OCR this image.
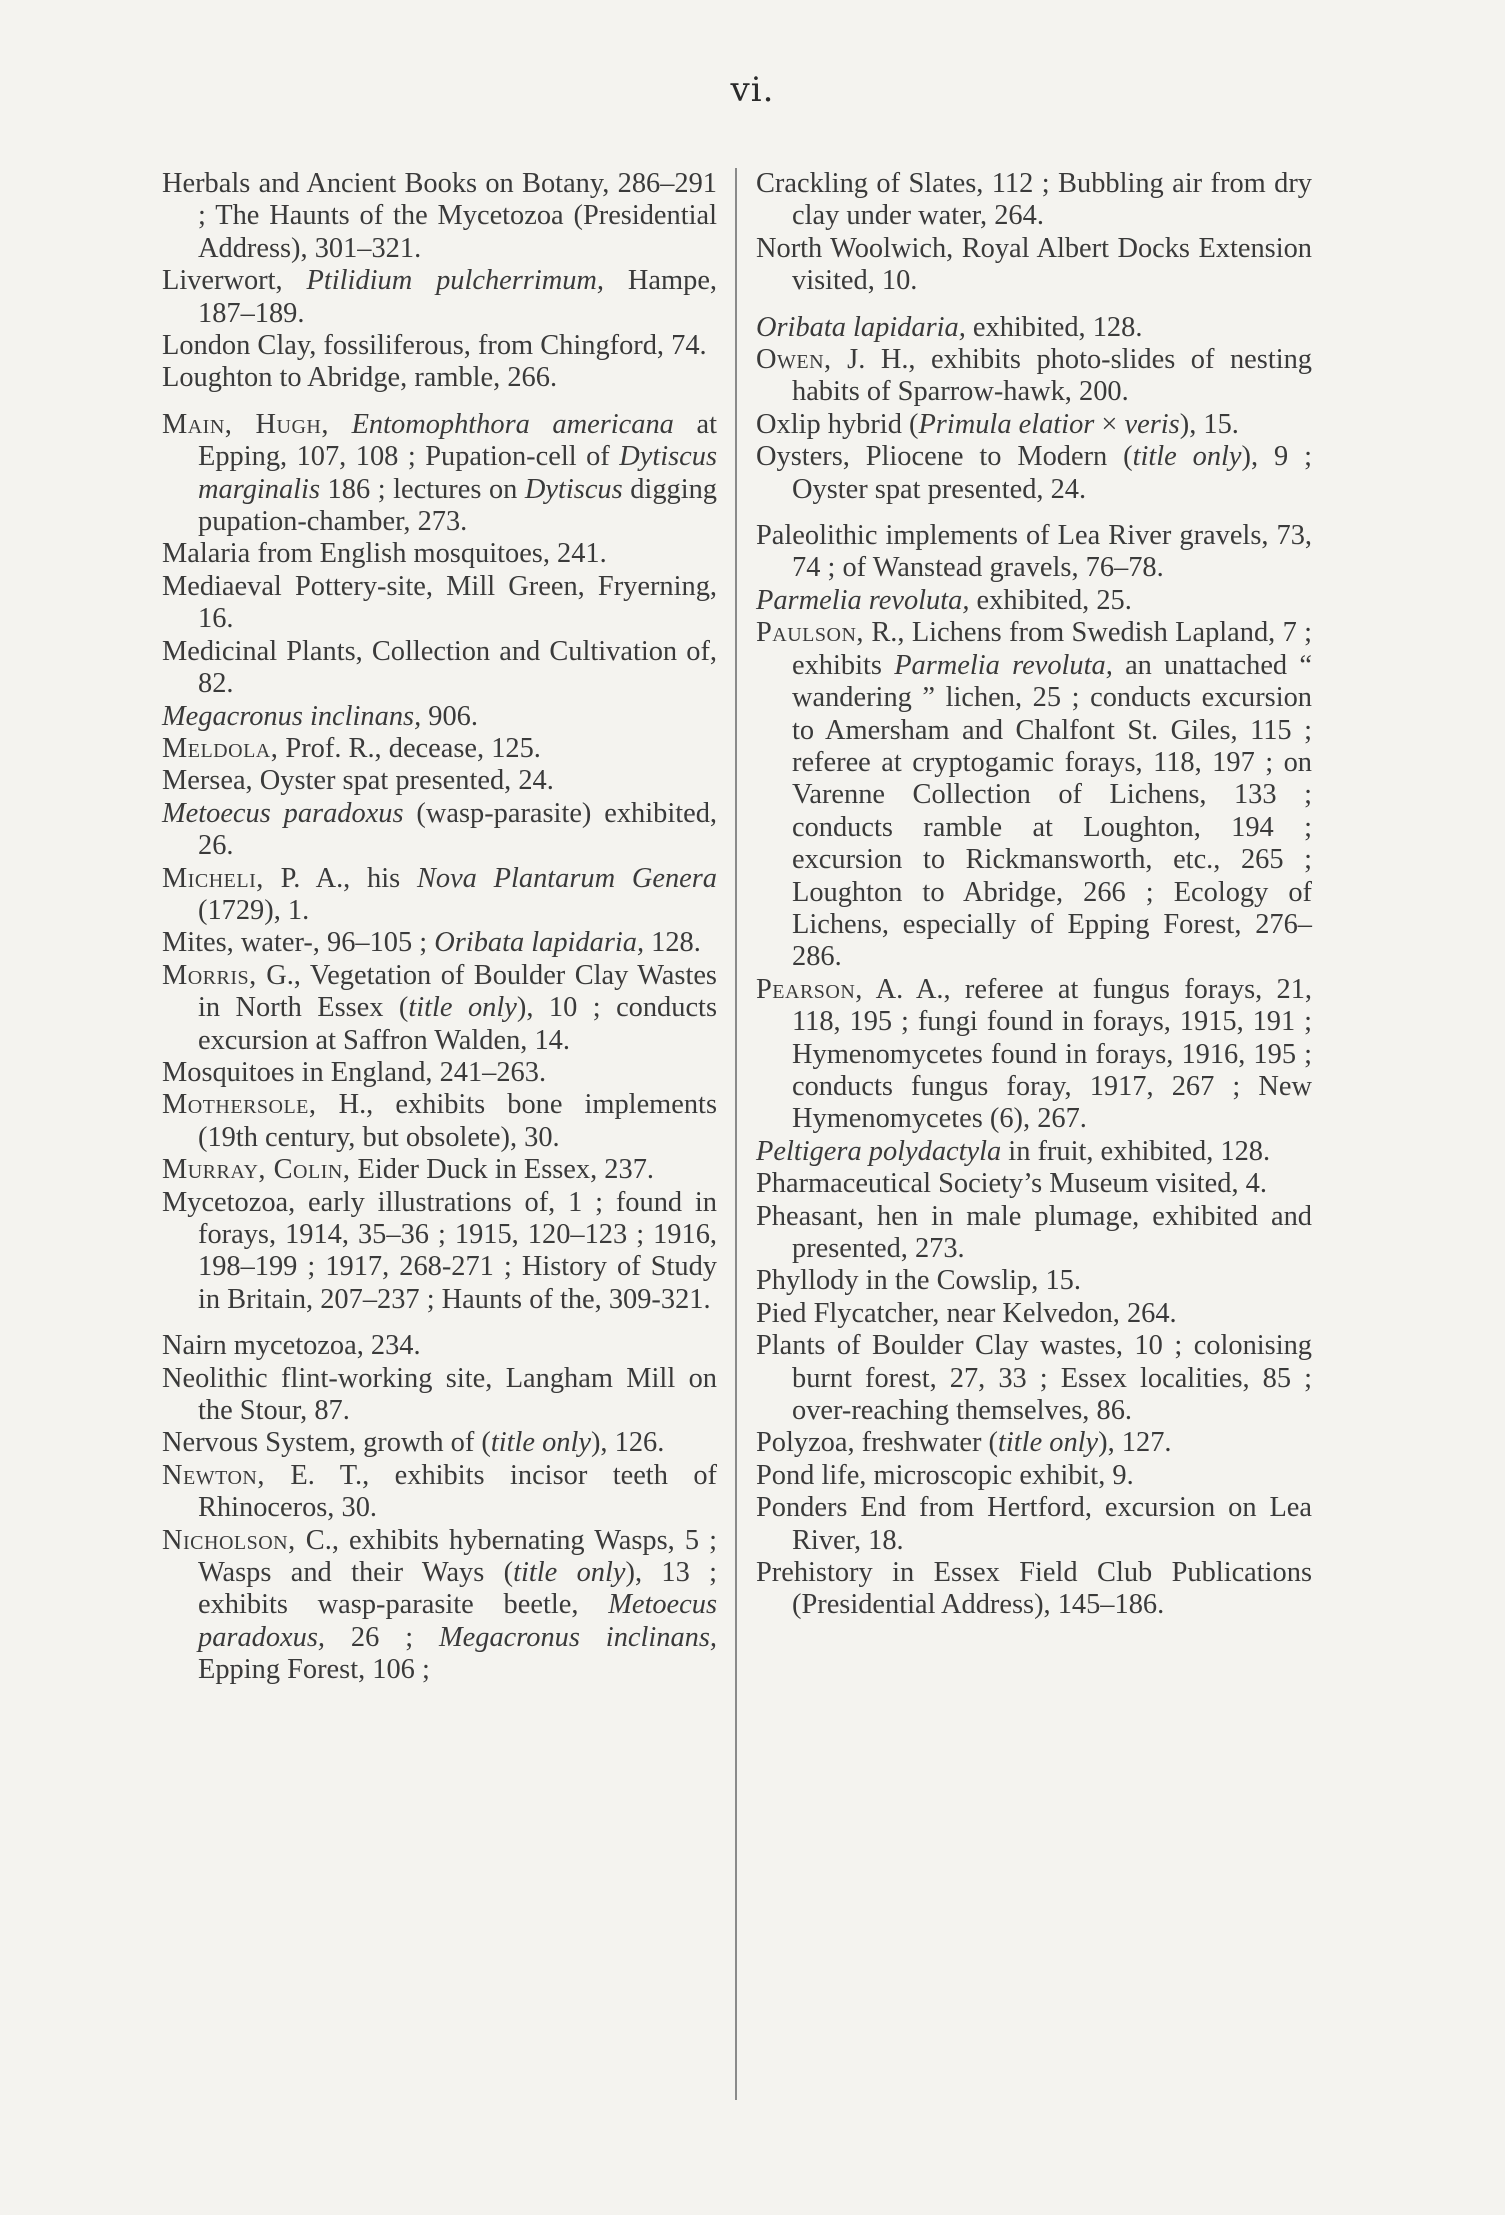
vi.

Herbals and Ancient Books on Botany, 286–291 ; The Haunts of the Mycetozoa (Presidential Address), 301–321.

Liverwort, Ptilidium pulcherrimum, Hampe, 187–189.

London Clay, fossiliferous, from Chingford, 74.

Loughton to Abridge, ramble, 266.

Main, Hugh, Entomophthora americana at Epping, 107, 108 ; Pupation-cell of Dytiscus marginalis 186 ; lectures on Dytiscus digging pupation-chamber, 273.

Malaria from English mosquitoes, 241.

Mediaeval Pottery-site, Mill Green, Fryerning, 16.

Medicinal Plants, Collection and Cultivation of, 82.

Megacronus inclinans, 906.

Meldola, Prof. R., decease, 125.

Mersea, Oyster spat presented, 24.

Metoecus paradoxus (wasp-parasite) exhibited, 26.

Micheli, P. A., his Nova Plantarum Genera (1729), 1.

Mites, water-, 96–105 ; Oribata lapidaria, 128.

Morris, G., Vegetation of Boulder Clay Wastes in North Essex (title only), 10 ; conducts excursion at Saffron Walden, 14.

Mosquitoes in England, 241–263.

Mothersole, H., exhibits bone implements (19th century, but obsolete), 30.

Murray, Colin, Eider Duck in Essex, 237.

Mycetozoa, early illustrations of, 1 ; found in forays, 1914, 35–36 ; 1915, 120–123 ; 1916, 198–199 ; 1917, 268-271 ; History of Study in Britain, 207–237 ; Haunts of the, 309-321.

Nairn mycetozoa, 234.

Neolithic flint-working site, Langham Mill on the Stour, 87.

Nervous System, growth of (title only), 126.

Newton, E. T., exhibits incisor teeth of Rhinoceros, 30.

Nicholson, C., exhibits hybernating Wasps, 5 ; Wasps and their Ways (title only), 13 ; exhibits wasp-parasite beetle, Metoecus paradoxus, 26 ; Megacronus inclinans, Epping Forest, 106 ;

Crackling of Slates, 112 ; Bubbling air from dry clay under water, 264.

North Woolwich, Royal Albert Docks Extension visited, 10.

Oribata lapidaria, exhibited, 128.

Owen, J. H., exhibits photo-slides of nesting habits of Sparrow-hawk, 200.

Oxlip hybrid (Primula elatior × veris), 15.

Oysters, Pliocene to Modern (title only), 9 ; Oyster spat presented, 24.

Paleolithic implements of Lea River gravels, 73, 74 ; of Wanstead gravels, 76–78.

Parmelia revoluta, exhibited, 25.

Paulson, R., Lichens from Swedish Lapland, 7 ; exhibits Parmelia revoluta, an unattached “ wandering ” lichen, 25 ; conducts excursion to Amersham and Chalfont St. Giles, 115 ; referee at cryptogamic forays, 118, 197 ; on Varenne Collection of Lichens, 133 ; conducts ramble at Loughton, 194 ; excursion to Rickmansworth, etc., 265 ; Loughton to Abridge, 266 ; Ecology of Lichens, especially of Epping Forest, 276–286.

Pearson, A. A., referee at fungus forays, 21, 118, 195 ; fungi found in forays, 1915, 191 ; Hymenomycetes found in forays, 1916, 195 ; conducts fungus foray, 1917, 267 ; New Hymenomycetes (6), 267.

Peltigera polydactyla in fruit, exhibited, 128.

Pharmaceutical Society’s Museum visited, 4.

Pheasant, hen in male plumage, exhibited and presented, 273.

Phyllody in the Cowslip, 15.

Pied Flycatcher, near Kelvedon, 264.

Plants of Boulder Clay wastes, 10 ; colonising burnt forest, 27, 33 ; Essex localities, 85 ; over-reaching themselves, 86.

Polyzoa, freshwater (title only), 127.

Pond life, microscopic exhibit, 9.

Ponders End from Hertford, excursion on Lea River, 18.

Prehistory in Essex Field Club Publications (Presidential Address), 145–186.
